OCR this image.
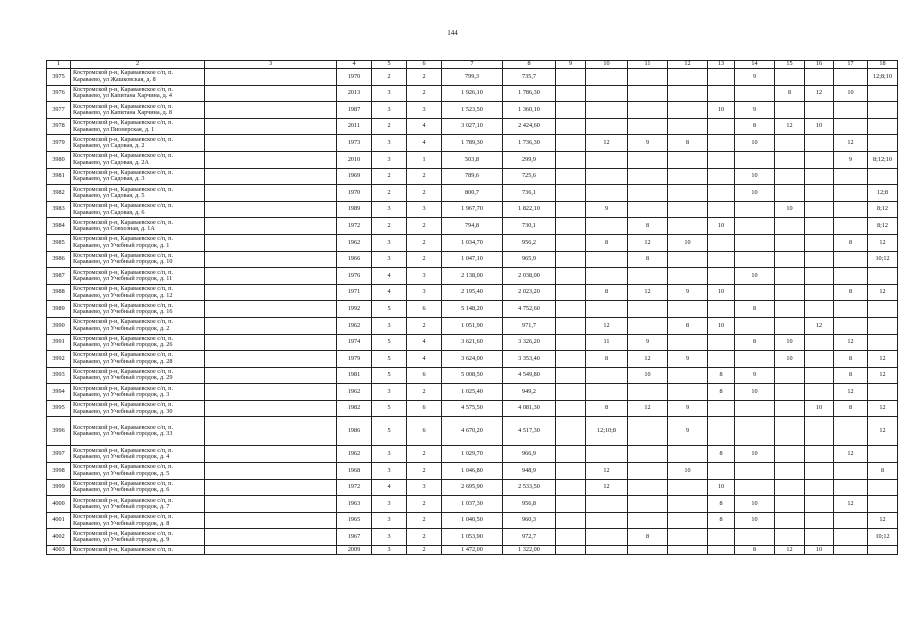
144
1	2	3	4	5	6	7	8	9	10	11	12	13	14	15	16	17	18
3975	Костромской р-н, Караваевское с/п, п. Караваево, ул Жашковская, д. 8		1970	2	2	799,3	735,7						9				12;8;10
3976	Костромской р-н, Караваевское с/п, п. Караваево, ул Капитана Харчина, д. 4		2013	3	2	1 926,10	1 786,30							8	12	10	
3977	Костромской р-н, Караваевское с/п, п. Караваево, ул Капитана Харчина, д. 8		1987	3	3	1 523,50	1 360,10					10	9				
3978	Костромской р-н, Караваевское с/п, п. Караваево, ул Пионерская, д. 1		2011	2	4	3 027,10	2 424,60						8	12	10		
3979	Костромской р-н, Караваевское с/п, п. Караваево, ул Садовая, д. 2		1973	3	4	1 789,30	1 736,30		12	9	8		10			12	
3980	Костромской р-н, Караваевское с/п, п. Караваево, ул Садовая, д. 2А		2010	3	1	503,8	299,9									9	8;12;10
3981	Костромской р-н, Караваевское с/п, п. Караваево, ул Садовая, д. 3		1969	2	2	789,6	725,6						10				
3982	Костромской р-н, Караваевское с/п, п. Караваево, ул Садовая, д. 5		1970	2	2	800,7	736,1						10				12;8
3983	Костромской р-н, Караваевское с/п, п. Караваево, ул Садовая, д. 6		1989	3	3	1 967,70	1 822,10		9					10			8;12
3984	Костромской р-н, Караваевское с/п, п. Караваево, ул Совхозная, д. 1А		1972	2	2	794,8	730,1			8		10					8;12
3985	Костромской р-н, Караваевское с/п, п. Караваево, ул Учебный городок, д. 1		1962	3	2	1 034,70	956,2		8	12	10					8	12
3986	Костромской р-н, Караваевское с/п, п. Караваево, ул Учебный городок, д. 10		1966	3	2	1 047,10	965,9			8							10;12
3987	Костромской р-н, Караваевское с/п, п. Караваево, ул Учебный городок, д. 11		1976	4	3	2 138,00	2 038,00						10				
3988	Костромской р-н, Караваевское с/п, п. Караваево, ул Учебный городок, д. 12		1971	4	3	2 195,40	2 023,20		8	12	9	10				8	12
3989	Костромской р-н, Караваевское с/п, п. Караваево, ул Учебный городок, д. 16		1992	5	6	5 148,20	4 752,60						8				
3990	Костромской р-н, Караваевское с/п, п. Караваево, ул Учебный городок, д. 2		1962	3	2	1 051,90	971,7		12		8	10			12		
3991	Костромской р-н, Караваевское с/п, п. Караваево, ул Учебный городок, д. 26		1974	5	4	3 621,60	3 326,20		11	9			8	10		12	
3992	Костромской р-н, Караваевское с/п, п. Караваево, ул Учебный городок, д. 28		1979	5	4	3 624,00	3 353,40		8	12	9			10		8	12
3993	Костромской р-н, Караваевское с/п, п. Караваево, ул Учебный городок, д. 29		1981	5	6	5 008,50	4 549,80			10		8	9			8	12
3994	Костромской р-н, Караваевское с/п, п. Караваево, ул Учебный городок, д. 3		1962	3	2	1 025,40	949,2					8	10			12	
3995	Костромской р-н, Караваевское с/п, п. Караваево, ул Учебный городок, д. 30		1982	5	6	4 575,50	4 081,30		8	12	9				10	8	12
3996	Костромской р-н, Караваевское с/п, п. Караваево, ул Учебный городок, д. 33		1986	5	6	4 670,20	4 517,30		12;10;8		9						12
3997	Костромской р-н, Караваевское с/п, п. Караваево, ул Учебный городок, д. 4		1962	3	2	1 029,70	966,9					8	10			12	
3998	Костромской р-н, Караваевское с/п, п. Караваево, ул Учебный городок, д. 5		1968	3	2	1 046,80	948,9		12		10						8
3999	Костромской р-н, Караваевское с/п, п. Караваево, ул Учебный городок, д. 6		1972	4	3	2 695,90	2 533,50		12			10					
4000	Костромской р-н, Караваевское с/п, п. Караваево, ул Учебный городок, д. 7		1963	3	2	1 037,30	956,8					8	10			12	
4001	Костромской р-н, Караваевское с/п, п. Караваево, ул Учебный городок, д. 8		1965	3	2	1 040,50	960,3					8	10				12
4002	Костромской р-н, Караваевское с/п, п. Караваево, ул Учебный городок, д. 9		1967	3	2	1 053,90	972,7			8							10;12
4003	Костромской р-н, Караваевское с/п, п.		2009	3	2	1 472,00	1 322,00						8	12	10		
